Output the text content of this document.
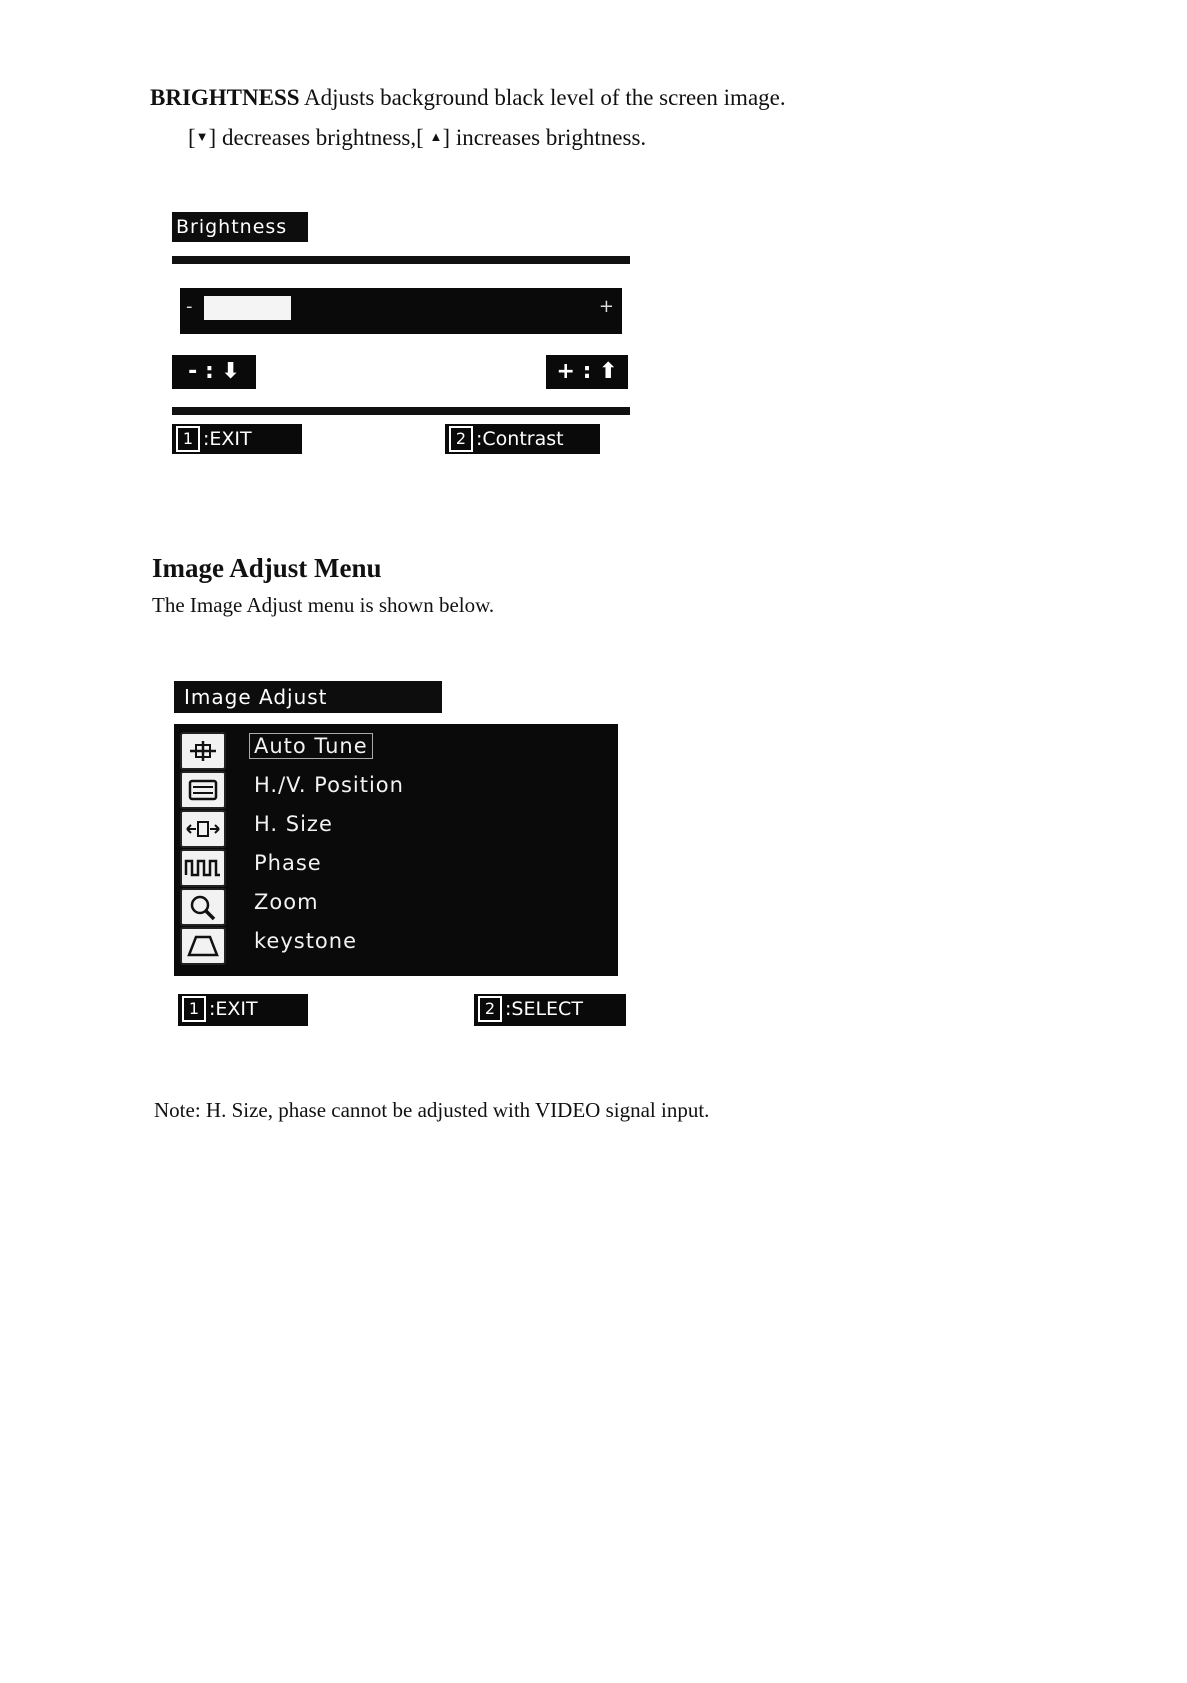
BRIGHTNESS Adjusts background black level of the screen image.
[▼] decreases brightness,[ ▲] increases brightness.
Brightness
-	+
- : ⬇	+ : ⬆
1 :EXIT	2 :Contrast
Image Adjust Menu
The Image Adjust menu is shown below.
Image Adjust
Auto Tune
H./V. Position
H. Size
Phase
Zoom
keystone
1 :EXIT	2 :SELECT
Note: H. Size, phase cannot be adjusted with VIDEO signal input.
